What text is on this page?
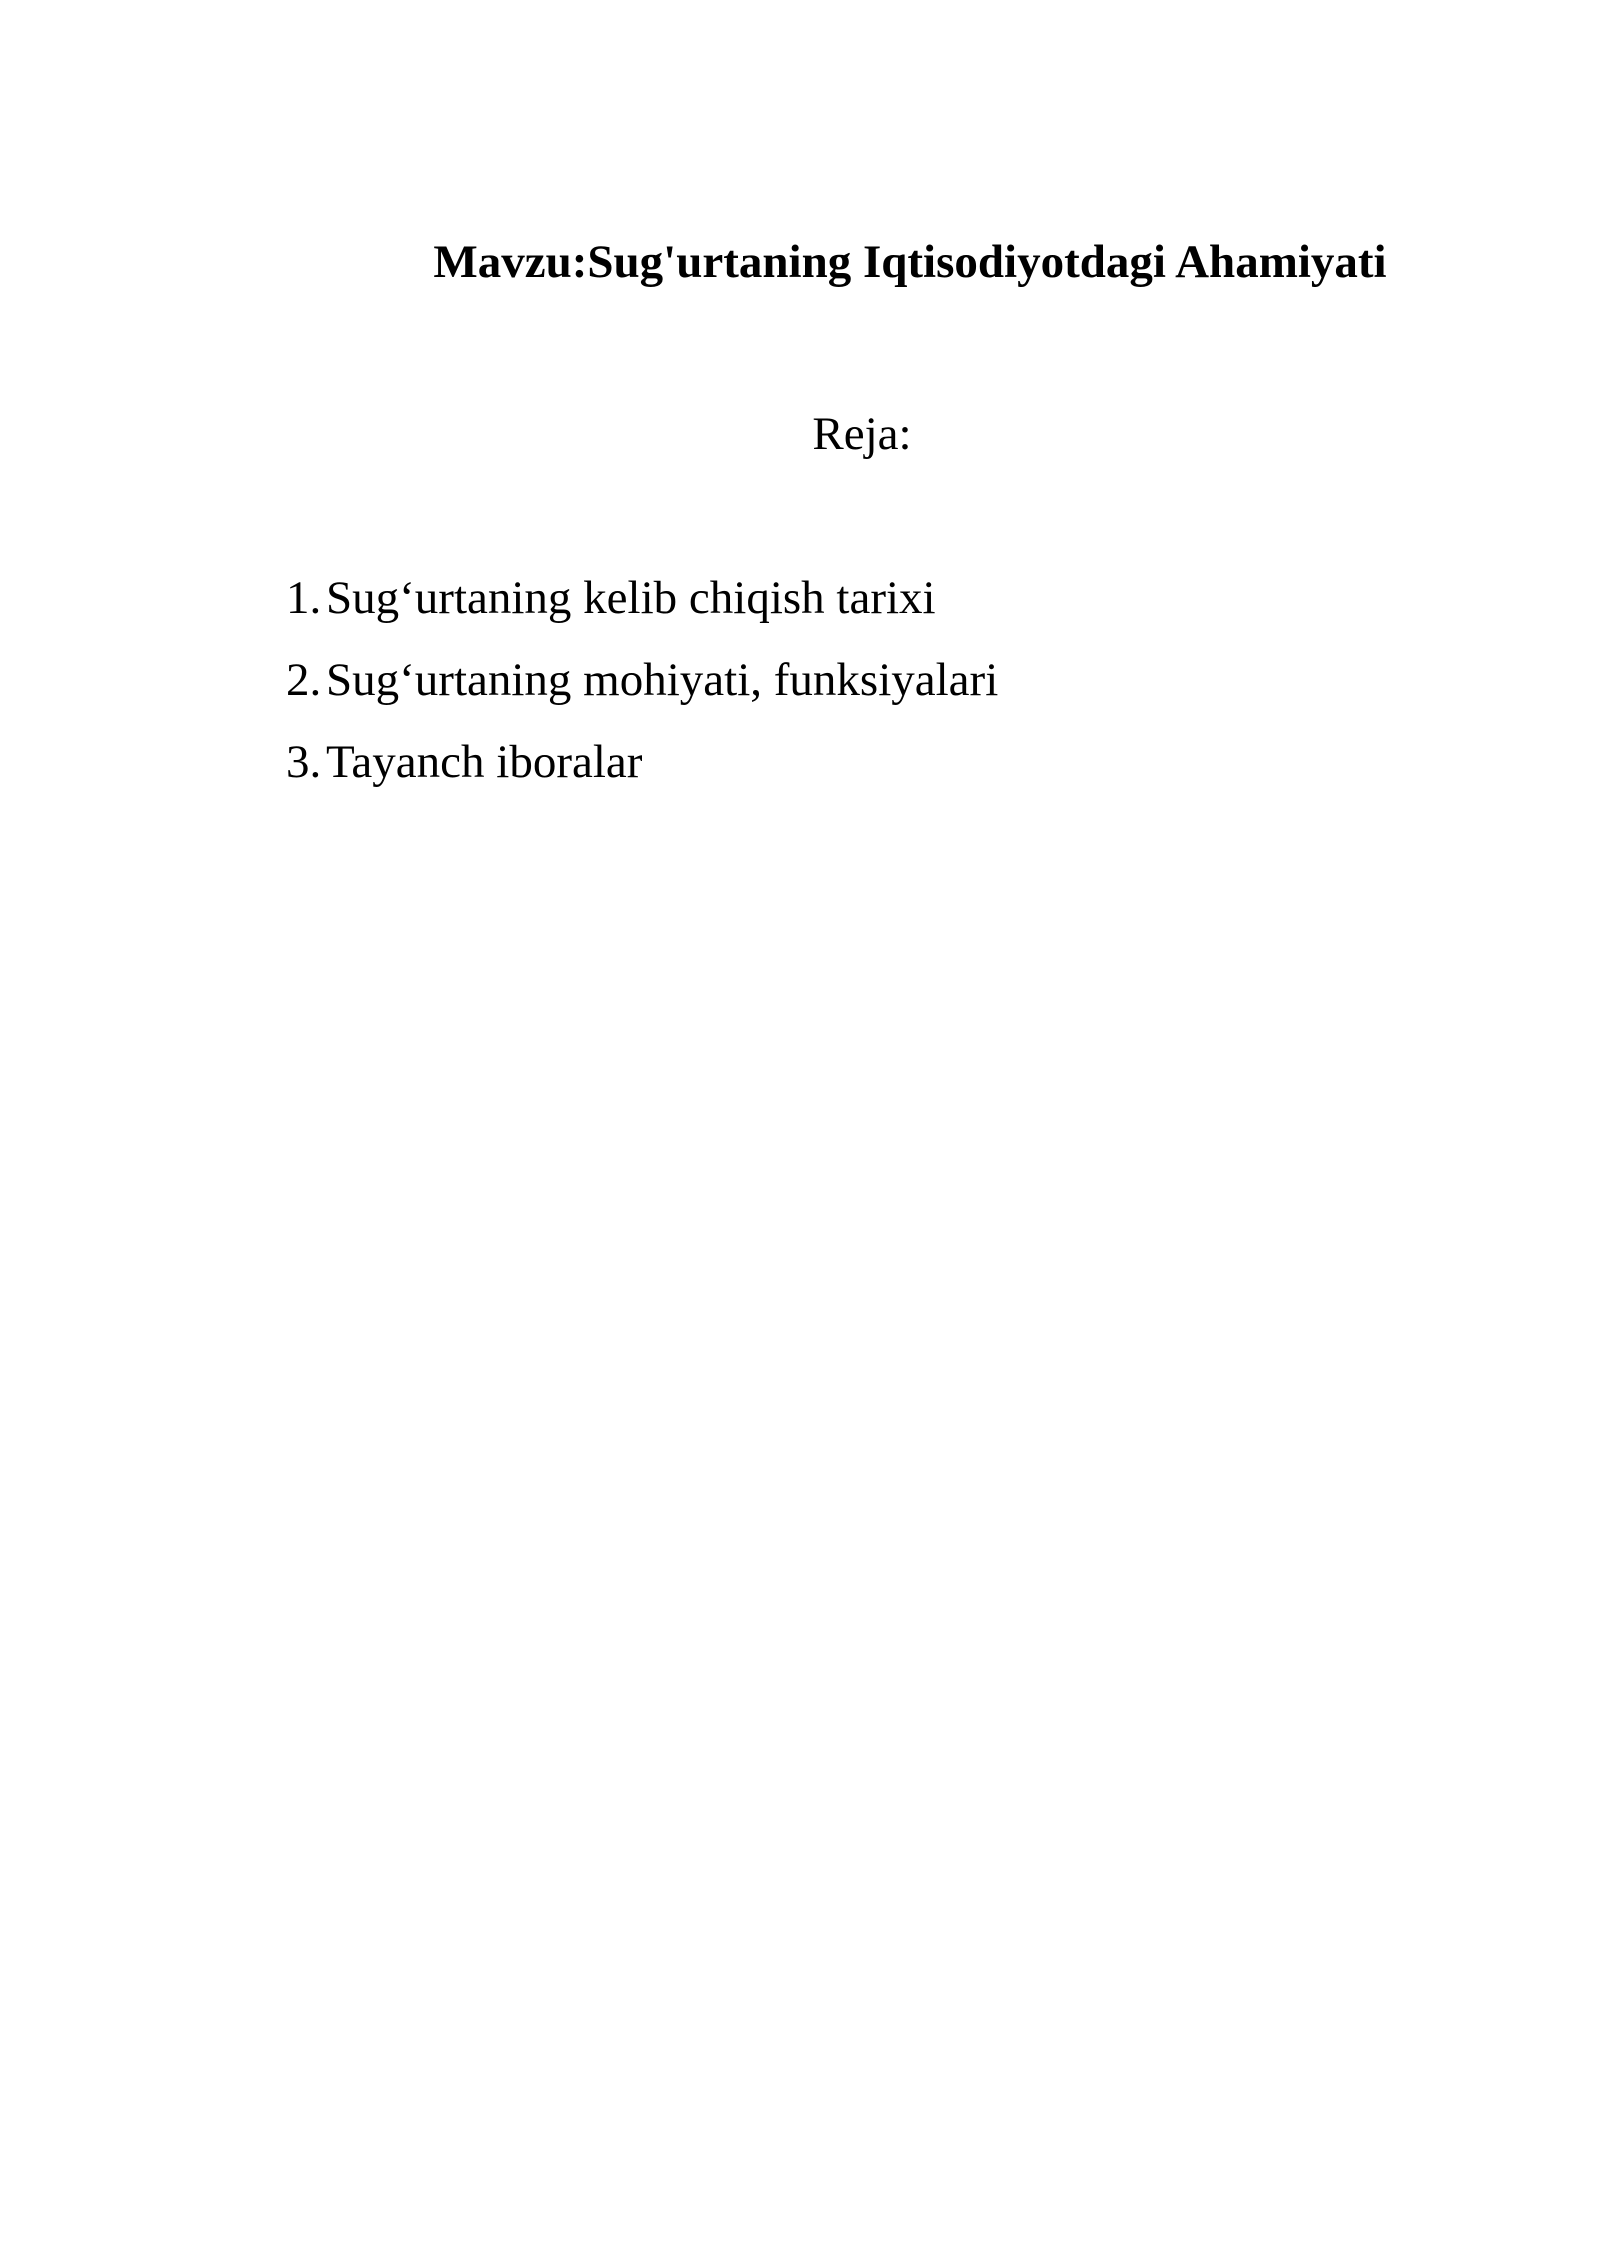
Mavzu:Sug'urtaning Iqtisodiyotdagi Ahamiyati

Reja:

1. Sug‘urtaning kelib chiqish tarixi
2. Sug‘urtaning mohiyati, funksiyalari
3. Tayanch iboralar
